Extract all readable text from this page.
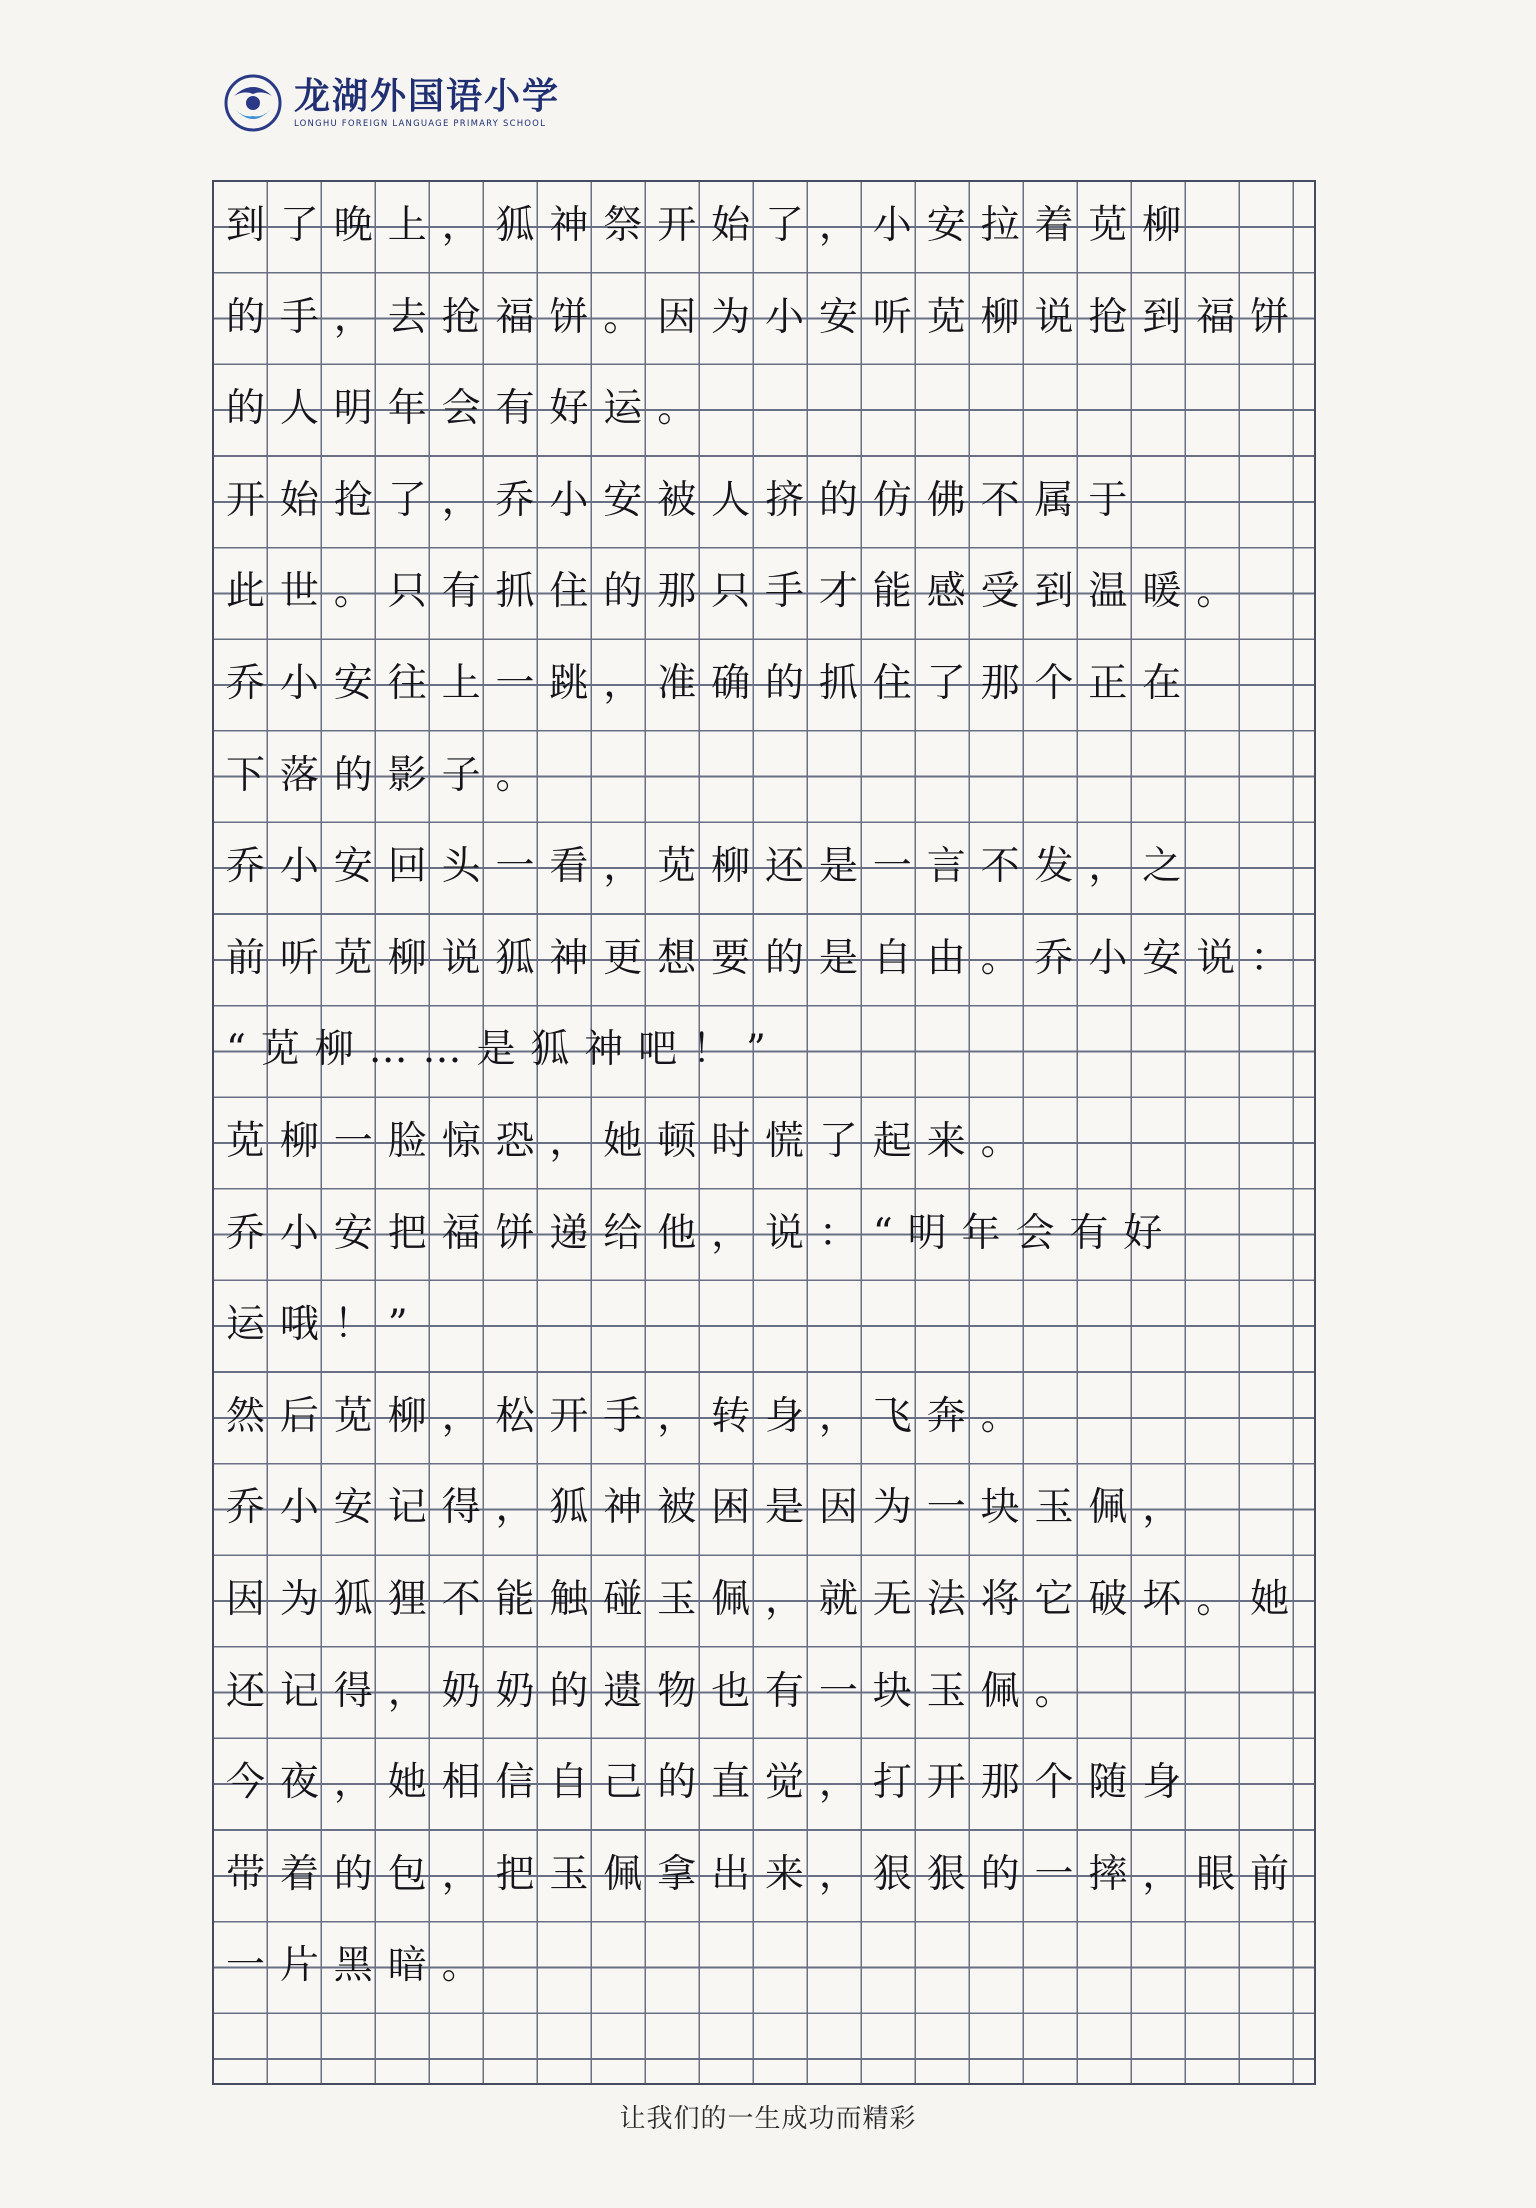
龙湖外国语小学
LONGHU FOREIGN LANGUAGE PRIMARY SCHOOL
到了晚上，狐神祭开始了，小安拉着苋柳
的手，去抢福饼。因为小安听苋柳说抢到福饼
的人明年会有好运。
开始抢了，乔小安被人挤的仿佛不属于
此世。只有抓住的那只手才能感受到温暖。
乔小安往上一跳，准确的抓住了那个正在
下落的影子。
乔小安回头一看，苋柳还是一言不发，之
前听苋柳说狐神更想要的是自由。乔小安说：
“苋柳……是狐神吧！”
苋柳一脸惊恐，她顿时慌了起来。
乔小安把福饼递给他，说：“明年会有好
运哦！”
然后苋柳，松开手，转身，飞奔。
乔小安记得，狐神被困是因为一块玉佩，
因为狐狸不能触碰玉佩，就无法将它破坏。她
还记得，奶奶的遗物也有一块玉佩。
今夜，她相信自己的直觉，打开那个随身
带着的包，把玉佩拿出来，狠狠的一摔，眼前
一片黑暗。
让我们的一生成功而精彩
